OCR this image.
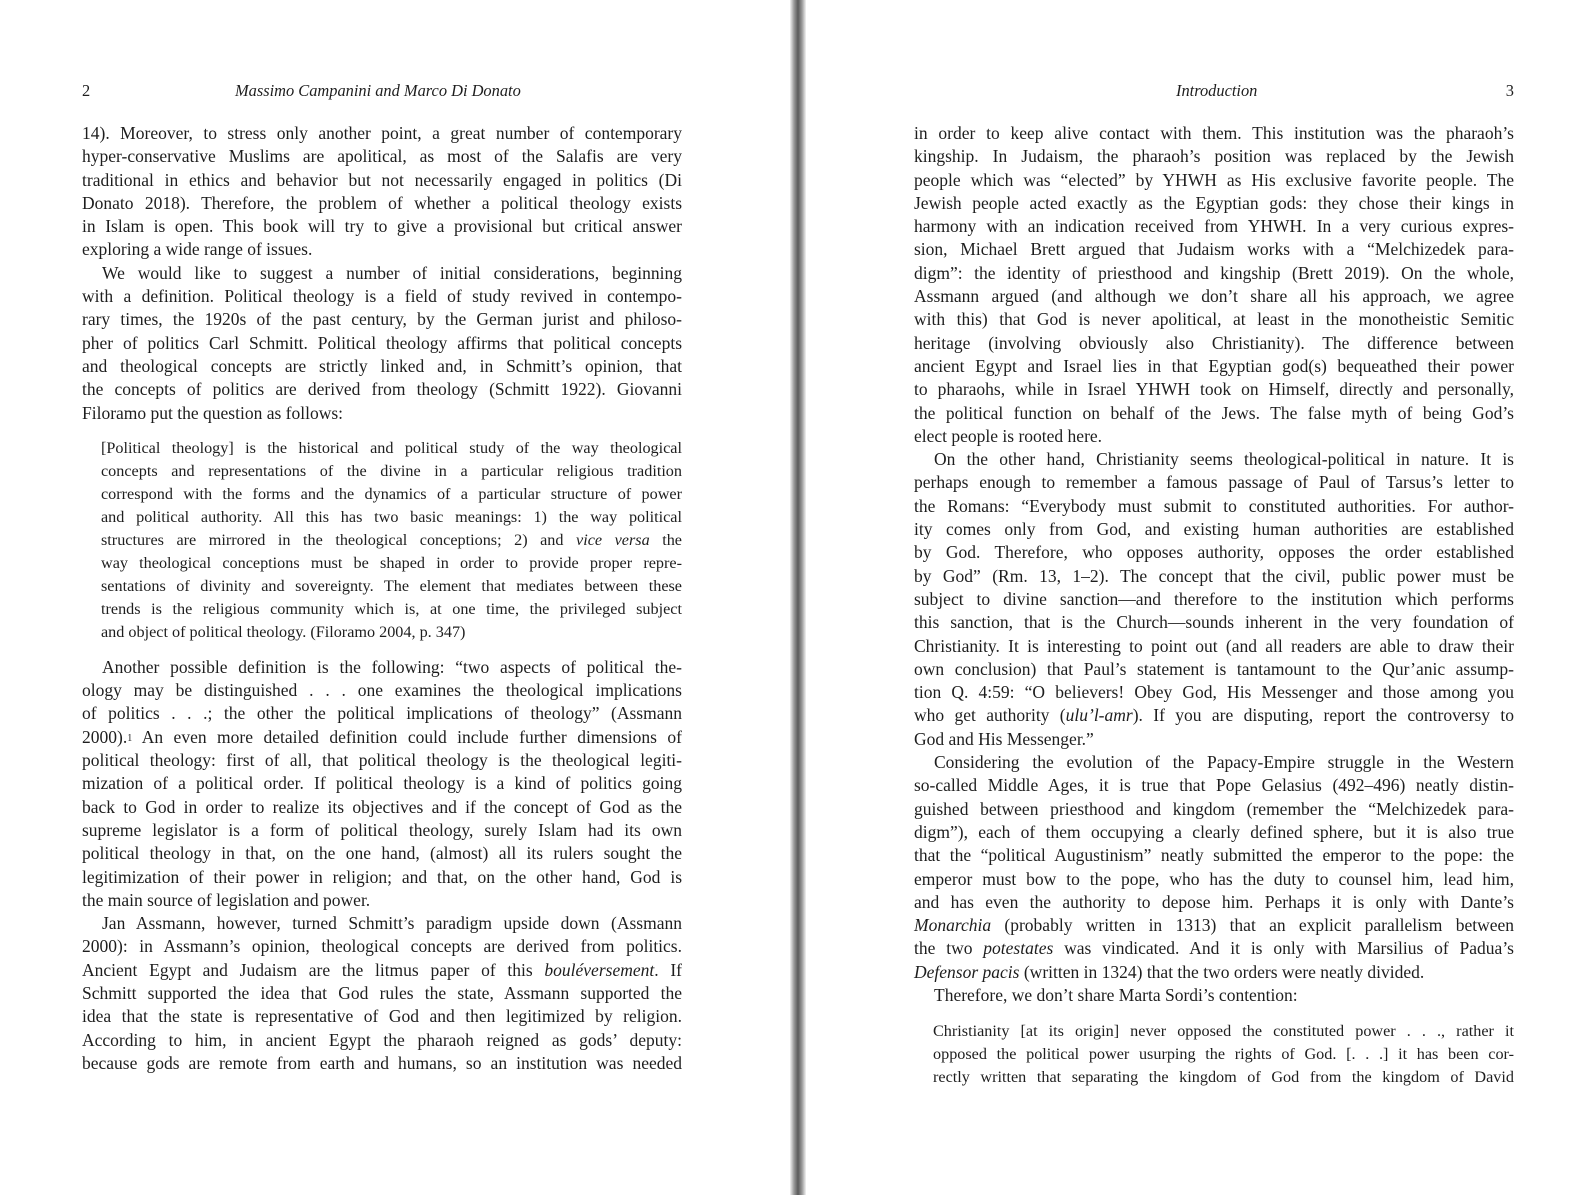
2	Massimo Campanini and Marco Di Donato
14). Moreover, to stress only another point, a great number of contemporary
hyper-conservative Muslims are apolitical, as most of the Salafis are very
traditional in ethics and behavior but not necessarily engaged in politics (Di
Donato 2018). Therefore, the problem of whether a political theology exists
in Islam is open. This book will try to give a provisional but critical answer
exploring a wide range of issues.
We would like to suggest a number of initial considerations, beginning
with a definition. Political theology is a field of study revived in contempo-
rary times, the 1920s of the past century, by the German jurist and philoso-
pher of politics Carl Schmitt. Political theology affirms that political concepts
and theological concepts are strictly linked and, in Schmitt’s opinion, that
the concepts of politics are derived from theology (Schmitt 1922). Giovanni
Filoramo put the question as follows:
[Political theology] is the historical and political study of the way theological
concepts and representations of the divine in a particular religious tradition
correspond with the forms and the dynamics of a particular structure of power
and political authority. All this has two basic meanings: 1) the way political
structures are mirrored in the theological conceptions; 2) and vice versa the
way theological conceptions must be shaped in order to provide proper repre-
sentations of divinity and sovereignty. The element that mediates between these
trends is the religious community which is, at one time, the privileged subject
and object of political theology. (Filoramo 2004, p. 347)
Another possible definition is the following: “two aspects of political the-
ology may be distinguished . . . one examines the theological implications
of politics . . .; the other the political implications of theology” (Assmann
2000).$^1$ An even more detailed definition could include further dimensions of
political theology: first of all, that political theology is the theological legiti-
mization of a political order. If political theology is a kind of politics going
back to God in order to realize its objectives and if the concept of God as the
supreme legislator is a form of political theology, surely Islam had its own
political theology in that, on the one hand, (almost) all its rulers sought the
legitimization of their power in religion; and that, on the other hand, God is
the main source of legislation and power.
Jan Assmann, however, turned Schmitt’s paradigm upside down (Assmann
2000): in Assmann’s opinion, theological concepts are derived from politics.
Ancient Egypt and Judaism are the litmus paper of this bouléversement. If
Schmitt supported the idea that God rules the state, Assmann supported the
idea that the state is representative of God and then legitimized by religion.
According to him, in ancient Egypt the pharaoh reigned as gods’ deputy:
because gods are remote from earth and humans, so an institution was needed
Introduction	3
in order to keep alive contact with them. This institution was the pharaoh’s
kingship. In Judaism, the pharaoh’s position was replaced by the Jewish
people which was “elected” by YHWH as His exclusive favorite people. The
Jewish people acted exactly as the Egyptian gods: they chose their kings in
harmony with an indication received from YHWH. In a very curious expres-
sion, Michael Brett argued that Judaism works with a “Melchizedek para-
digm”: the identity of priesthood and kingship (Brett 2019). On the whole,
Assmann argued (and although we don’t share all his approach, we agree
with this) that God is never apolitical, at least in the monotheistic Semitic
heritage (involving obviously also Christianity). The difference between
ancient Egypt and Israel lies in that Egyptian god(s) bequeathed their power
to pharaohs, while in Israel YHWH took on Himself, directly and personally,
the political function on behalf of the Jews. The false myth of being God’s
elect people is rooted here.
On the other hand, Christianity seems theological-political in nature. It is
perhaps enough to remember a famous passage of Paul of Tarsus’s letter to
the Romans: “Everybody must submit to constituted authorities. For author-
ity comes only from God, and existing human authorities are established
by God. Therefore, who opposes authority, opposes the order established
by God” (Rm. 13, 1–2). The concept that the civil, public power must be
subject to divine sanction—and therefore to the institution which performs
this sanction, that is the Church—sounds inherent in the very foundation of
Christianity. It is interesting to point out (and all readers are able to draw their
own conclusion) that Paul’s statement is tantamount to the Qur’anic assump-
tion Q. 4:59: “O believers! Obey God, His Messenger and those among you
who get authority (ulu’l-amr). If you are disputing, report the controversy to
God and His Messenger.”
Considering the evolution of the Papacy-Empire struggle in the Western
so-called Middle Ages, it is true that Pope Gelasius (492–496) neatly distin-
guished between priesthood and kingdom (remember the “Melchizedek para-
digm”), each of them occupying a clearly defined sphere, but it is also true
that the “political Augustinism” neatly submitted the emperor to the pope: the
emperor must bow to the pope, who has the duty to counsel him, lead him,
and has even the authority to depose him. Perhaps it is only with Dante’s
Monarchia (probably written in 1313) that an explicit parallelism between
the two potestates was vindicated. And it is only with Marsilius of Padua’s
Defensor pacis (written in 1324) that the two orders were neatly divided.
Therefore, we don’t share Marta Sordi’s contention:
Christianity [at its origin] never opposed the constituted power . . ., rather it
opposed the political power usurping the rights of God. [. . .] it has been cor-
rectly written that separating the kingdom of God from the kingdom of David
